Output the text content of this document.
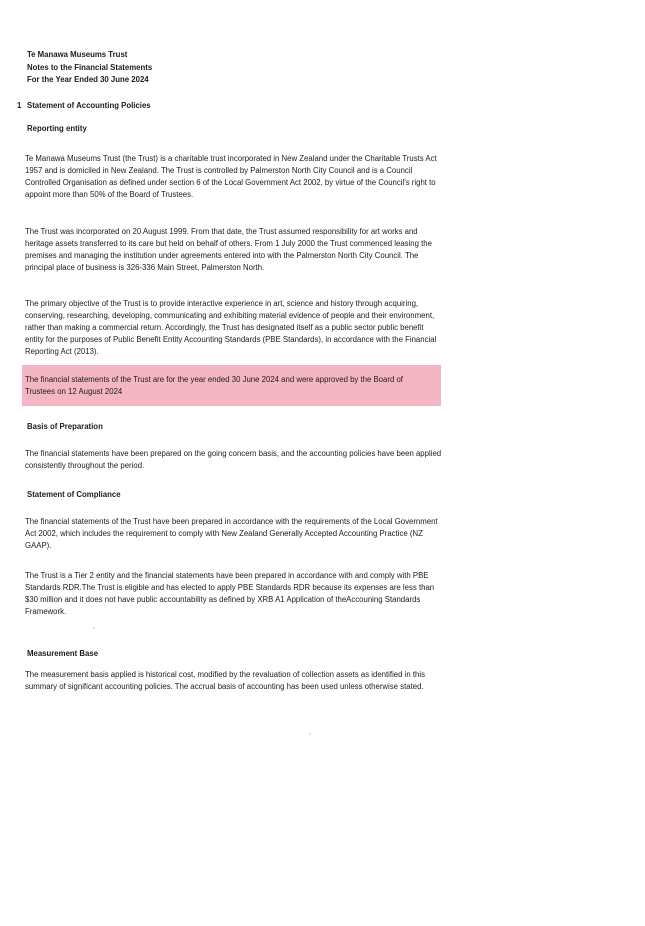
Te Manawa Museums Trust
Notes to the Financial Statements
For the Year Ended 30 June 2024
1 Statement of Accounting Policies
Reporting entity
Te Manawa Museums Trust (the Trust) is a charitable trust incorporated in New Zealand under the Charitable Trusts Act 1957 and is domiciled in New Zealand. The Trust is controlled by Palmerston North City Council and is a Council Controlled Organisation as defined under section 6 of the Local Government Act 2002, by virtue of the Council's right to appoint more than 50% of the Board of Trustees.
The Trust was incorporated on 20 August 1999. From that date, the Trust assumed responsibility for art works and heritage assets transferred to its care but held on behalf of others. From 1 July 2000 the Trust commenced leasing the premises and managing the institution under agreements entered into with the Palmerston North City Council. The principal place of business is 326-336 Main Street, Palmerston North.
The primary objective of the Trust is to provide interactive experience in art, science and history through acquiring, conserving, researching, developing, communicating and exhibiting material evidence of people and their environment, rather than making a commercial return. Accordingly, the Trust has designated itself as a public sector public benefit entity for the purposes of Public Benefit Entity Accounting Standards (PBE Standards), in accordance with the Financial Reporting Act (2013).
The financial statements of the Trust are for the year ended 30 June 2024 and were approved by the Board of Trustees on 12 August 2024
Basis of Preparation
The financial statements have been prepared on the going concern basis, and the accounting policies have been applied consistently throughout the period.
Statement of Compliance
The financial statements of the Trust have been prepared in accordance with the requirements of the Local Government Act 2002, which includes the requirement to comply with New Zealand Generally Accepted Accounting Practice (NZ GAAP).
The Trust is a Tier 2 entity and the financial statements have been prepared in accordance with and comply with PBE Standards RDR.The Trust is eligible and has elected to apply PBE Standards RDR because its expenses are less than $30 million and it does not have public accountability as defined by XRB A1 Application of theAccouning Standards Framework.
Measurement Base
The measurement basis applied is historical cost, modified by the revaluation of collection assets as identified in this summary of significant accounting policies. The accrual basis of accounting has been used unless otherwise stated.
